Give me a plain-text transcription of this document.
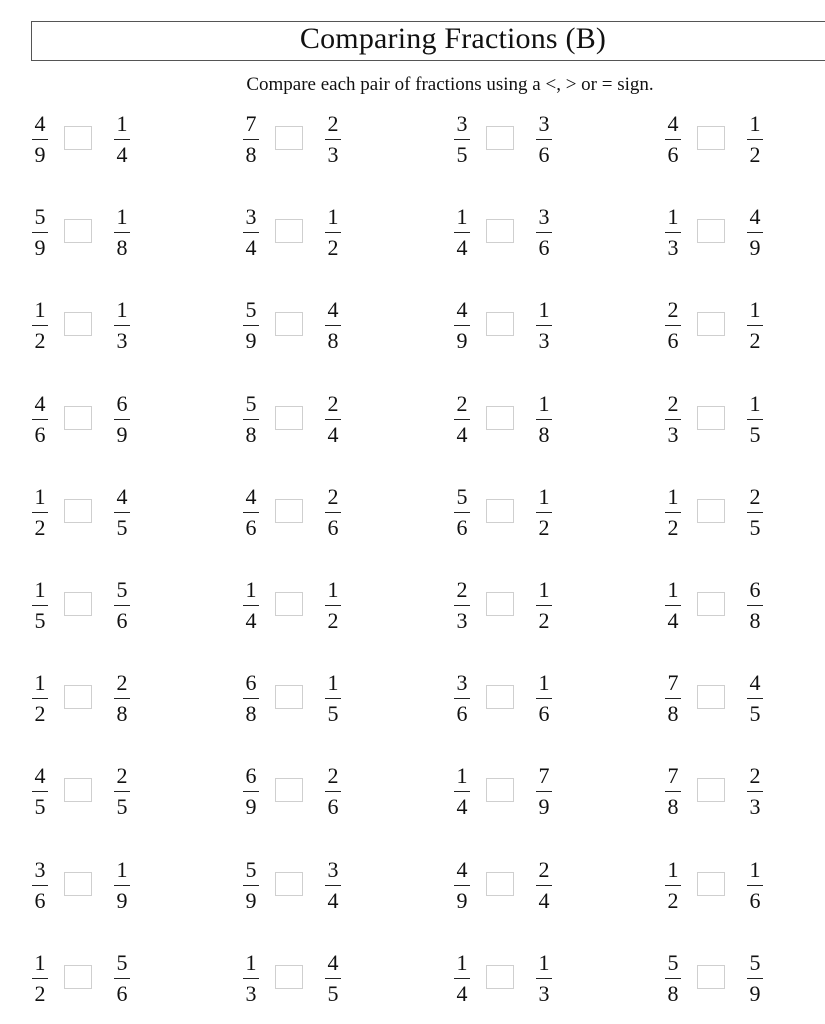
Comparing Fractions (B)
Compare each pair of fractions using a <, > or = sign.
4
9
1
4
7
8
2
3
3
5
3
6
4
6
1
2
5
9
1
8
3
4
1
2
1
4
3
6
1
3
4
9
1
2
1
3
5
9
4
8
4
9
1
3
2
6
1
2
4
6
6
9
5
8
2
4
2
4
1
8
2
3
1
5
1
2
4
5
4
6
2
6
5
6
1
2
1
2
2
5
1
5
5
6
1
4
1
2
2
3
1
2
1
4
6
8
1
2
2
8
6
8
1
5
3
6
1
6
7
8
4
5
4
5
2
5
6
9
2
6
1
4
7
9
7
8
2
3
3
6
1
9
5
9
3
4
4
9
2
4
1
2
1
6
1
2
5
6
1
3
4
5
1
4
1
3
5
8
5
9
